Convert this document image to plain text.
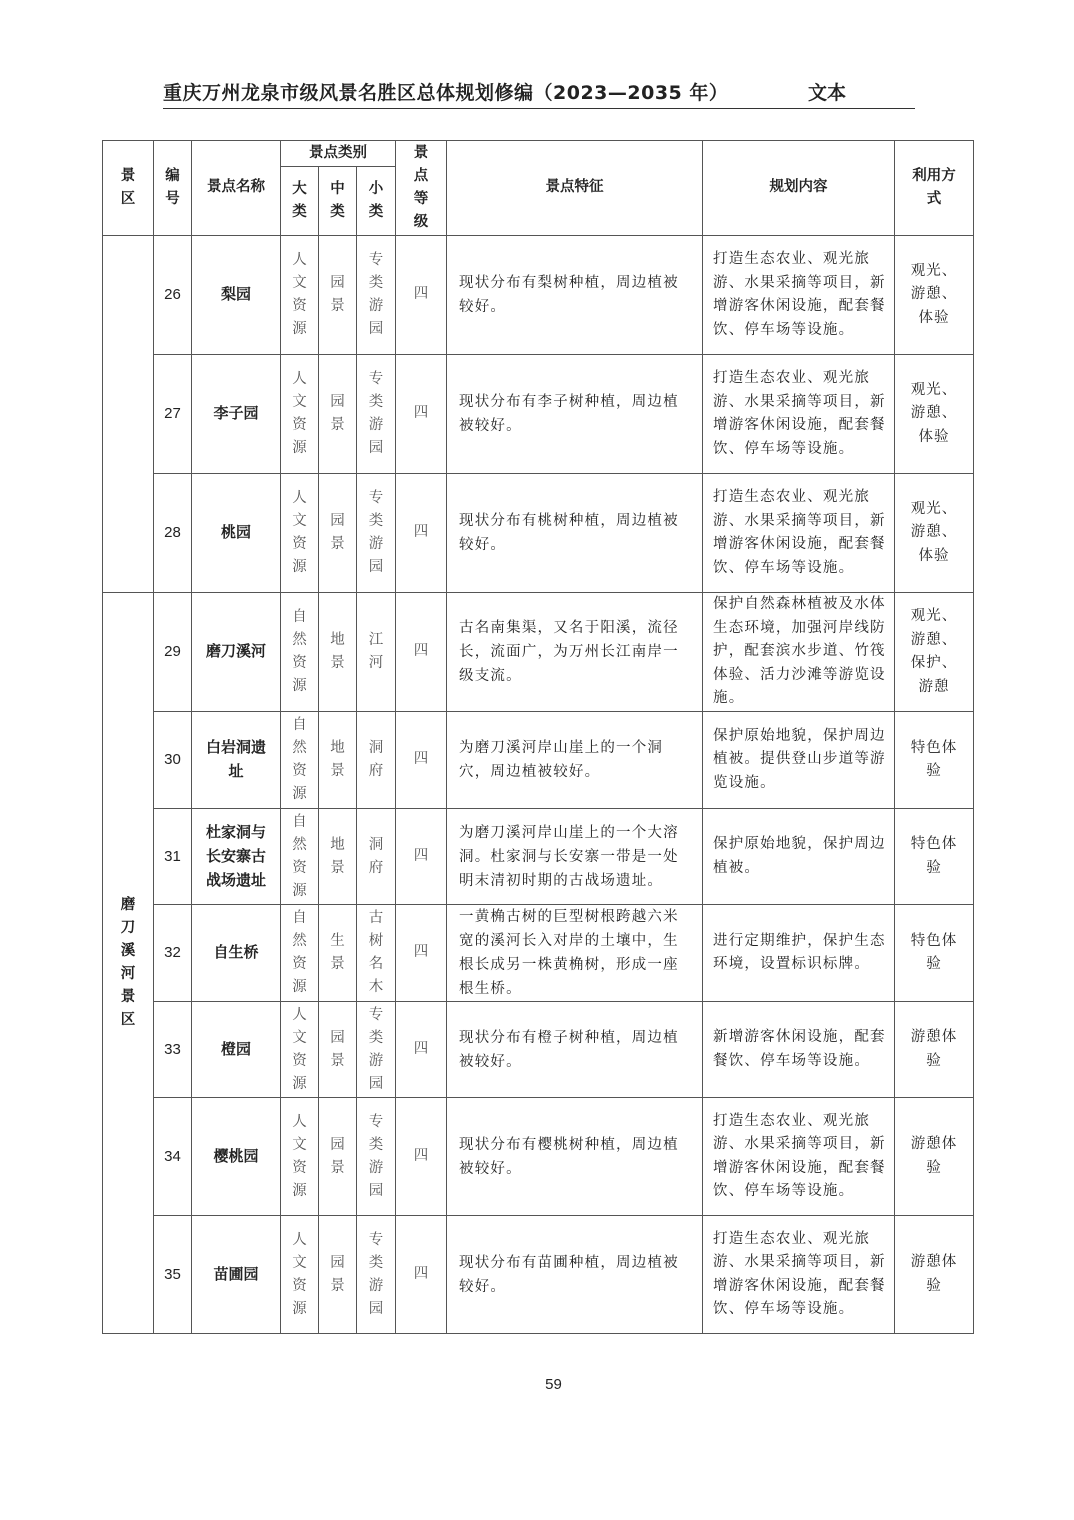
重庆万州龙泉市级风景名胜区总体规划修编（2023—2035 年）	文本
景区	编号	景点名称	景点类别			景点等级	景点特征	规划内容	利用方式

			大类	中类	小类				

	26	梨园	人文资源	园景	专类游园	四	现状分布有梨树种植，周边植被较好。	打造生态农业、观光旅游、水果采摘等项目，新增游客休闲设施，配套餐饮、停车场等设施。	观光、游憩、体验
	27	李子园	人文资源	园景	专类游园	四	现状分布有李子树种植，周边植被较好。	打造生态农业、观光旅游、水果采摘等项目，新增游客休闲设施，配套餐饮、停车场等设施。	观光、游憩、体验
	28	桃园	人文资源	园景	专类游园	四	现状分布有桃树种植，周边植被较好。	打造生态农业、观光旅游、水果采摘等项目，新增游客休闲设施，配套餐饮、停车场等设施。	观光、游憩、体验

磨刀溪河景区	29	磨刀溪河	自然资源	地景	江河	四	古名南集渠，又名于阳溪，流径长，流面广，为万州长江南岸一级支流。	保护自然森林植被及水体生态环境，加强河岸线防护，配套滨水步道、竹筏体验、活力沙滩等游览设施。	观光、游憩、保护、游憩
	30	白岩洞遗址	自然资源	地景	洞府	四	为磨刀溪河岸山崖上的一个洞穴，周边植被较好。	保护原始地貌，保护周边植被。提供登山步道等游览设施。	特色体验
	31	杜家洞与长安寨古战场遗址	自然资源	地景	洞府	四	为磨刀溪河岸山崖上的一个大溶洞。杜家洞与长安寨一带是一处明末清初时期的古战场遗址。	保护原始地貌，保护周边植被。	特色体验
	32	自生桥	自然资源	生景	古树名木	四	一黄桷古树的巨型树根跨越六米宽的溪河长入对岸的土壤中，生根长成另一株黄桷树，形成一座根生桥。	进行定期维护，保护生态环境，设置标识标牌。	特色体验
	33	橙园	人文资源	园景	专类游园	四	现状分布有橙子树种植，周边植被较好。	新增游客休闲设施，配套餐饮、停车场等设施。	游憩体验
	34	樱桃园	人文资源	园景	专类游园	四	现状分布有樱桃树种植，周边植被较好。	打造生态农业、观光旅游、水果采摘等项目，新增游客休闲设施，配套餐饮、停车场等设施。	游憩体验
	35	苗圃园	人文资源	园景	专类游园	四	现状分布有苗圃种植，周边植被较好。	打造生态农业、观光旅游、水果采摘等项目，新增游客休闲设施，配套餐饮、停车场等设施。	游憩体验
59
